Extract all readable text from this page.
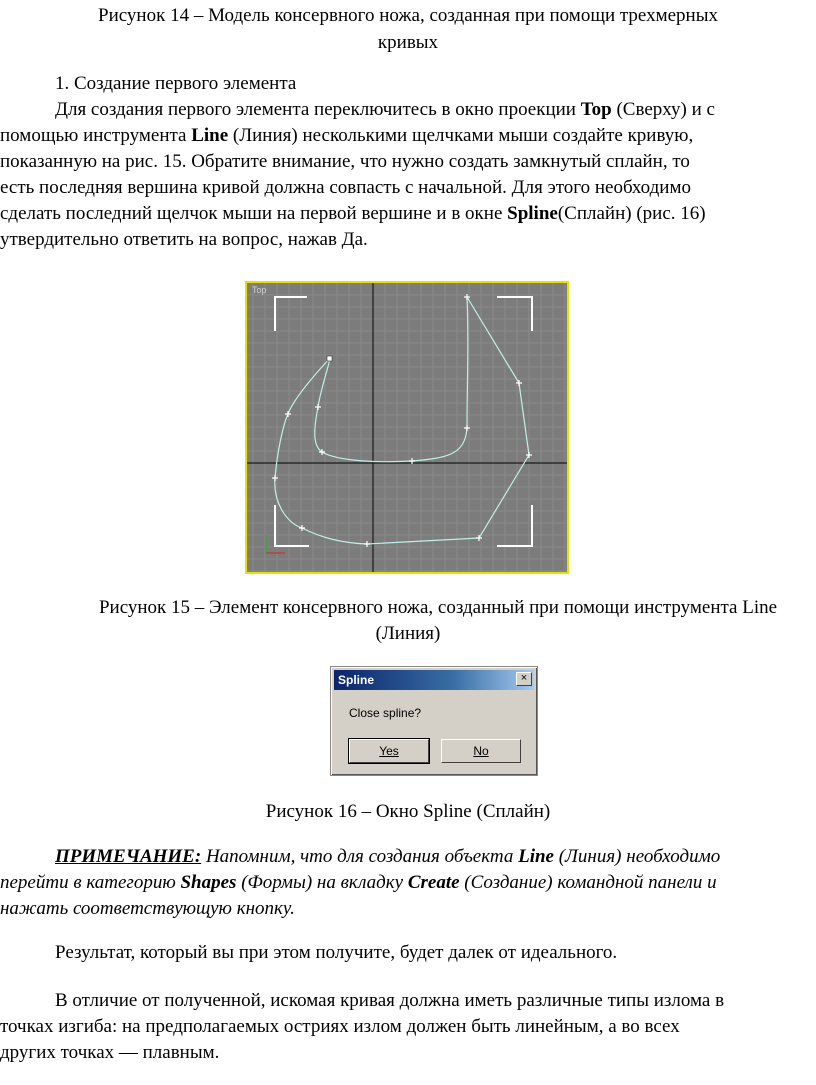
Рисунок 14 – Модель консервного ножа, созданная при помощи трехмерных
кривых
1. Создание первого элемента
Для создания первого элемента переключитесь в окно проекции Top (Сверху) и с
помощью инструмента Line (Линия) несколькими щелчками мыши создайте кривую,
показанную на рис. 15. Обратите внимание, что нужно создать замкнутый сплайн, то
есть последняя вершина кривой должна совпасть с начальной. Для этого необходимо
сделать последний щелчок мыши на первой вершине и в окне Spline(Сплайн) (рис. 16)
утвердительно ответить на вопрос, нажав Да.
Top
Рисунок 15 – Элемент консервного ножа, созданный при помощи инструмента Line
(Линия)
Spline	×
Close spline?
Yes	No
Рисунок 16 – Окно Spline (Сплайн)
ПРИМЕЧАНИЕ: Напомним, что для создания объекта Line (Линия) необходимо
перейти в категорию Shapes (Формы) на вкладку Create (Создание) командной панели и
нажать соответствующую кнопку.
Результат, который вы при этом получите, будет далек от идеального.
В отличие от полученной, искомая кривая должна иметь различные типы излома в
точках изгиба: на предполагаемых остриях излом должен быть линейным, а во всех
других точках — плавным.
